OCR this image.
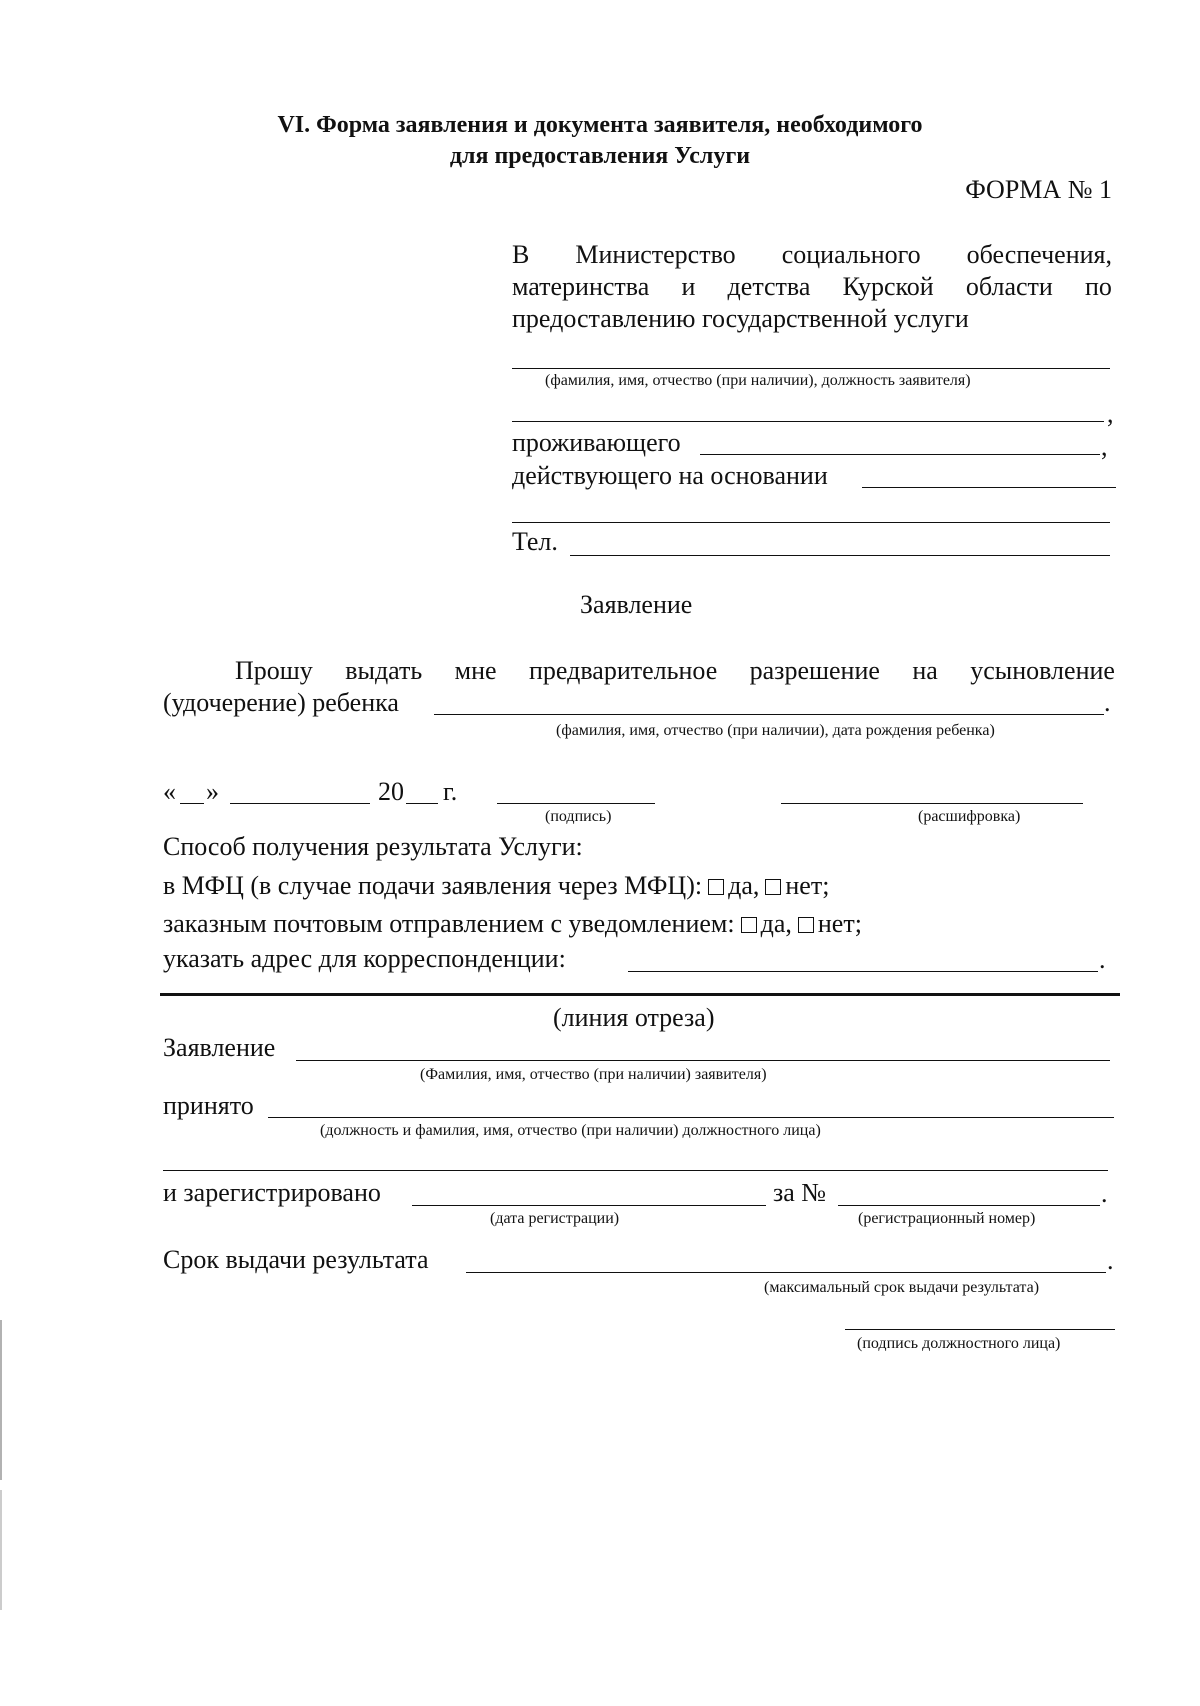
VI. Форма заявления и документа заявителя, необходимого
для предоставления Услуги
ФОРМА № 1
В Министерство социального обеспечения,
материнства и детства Курской области по
предоставлению государственной услуги
(фамилия, имя, отчество (при наличии), должность заявителя)
,
проживающего	,
действующего на основании
Тел.
Заявление
Прошу выдать мне предварительное разрешение на усыновление
(удочерение) ребенка	.
(фамилия, имя, отчество (при наличии), дата рождения ребенка)
« »	20 г.
(подпись)	(расшифровка)
Способ получения результата Услуги:
в МФЦ (в случае подачи заявления через МФЦ): да, нет;
заказным почтовым отправлением с уведомлением: да, нет;
указать адрес для корреспонденции:	.
(линия отреза)
Заявление
(Фамилия, имя, отчество (при наличии) заявителя)
принято
(должность и фамилия, имя, отчество (при наличии) должностного лица)
и зарегистрировано	за №	.
(дата регистрации)	(регистрационный номер)
Срок выдачи результата	.
(максимальный срок выдачи результата)
(подпись должностного лица)
